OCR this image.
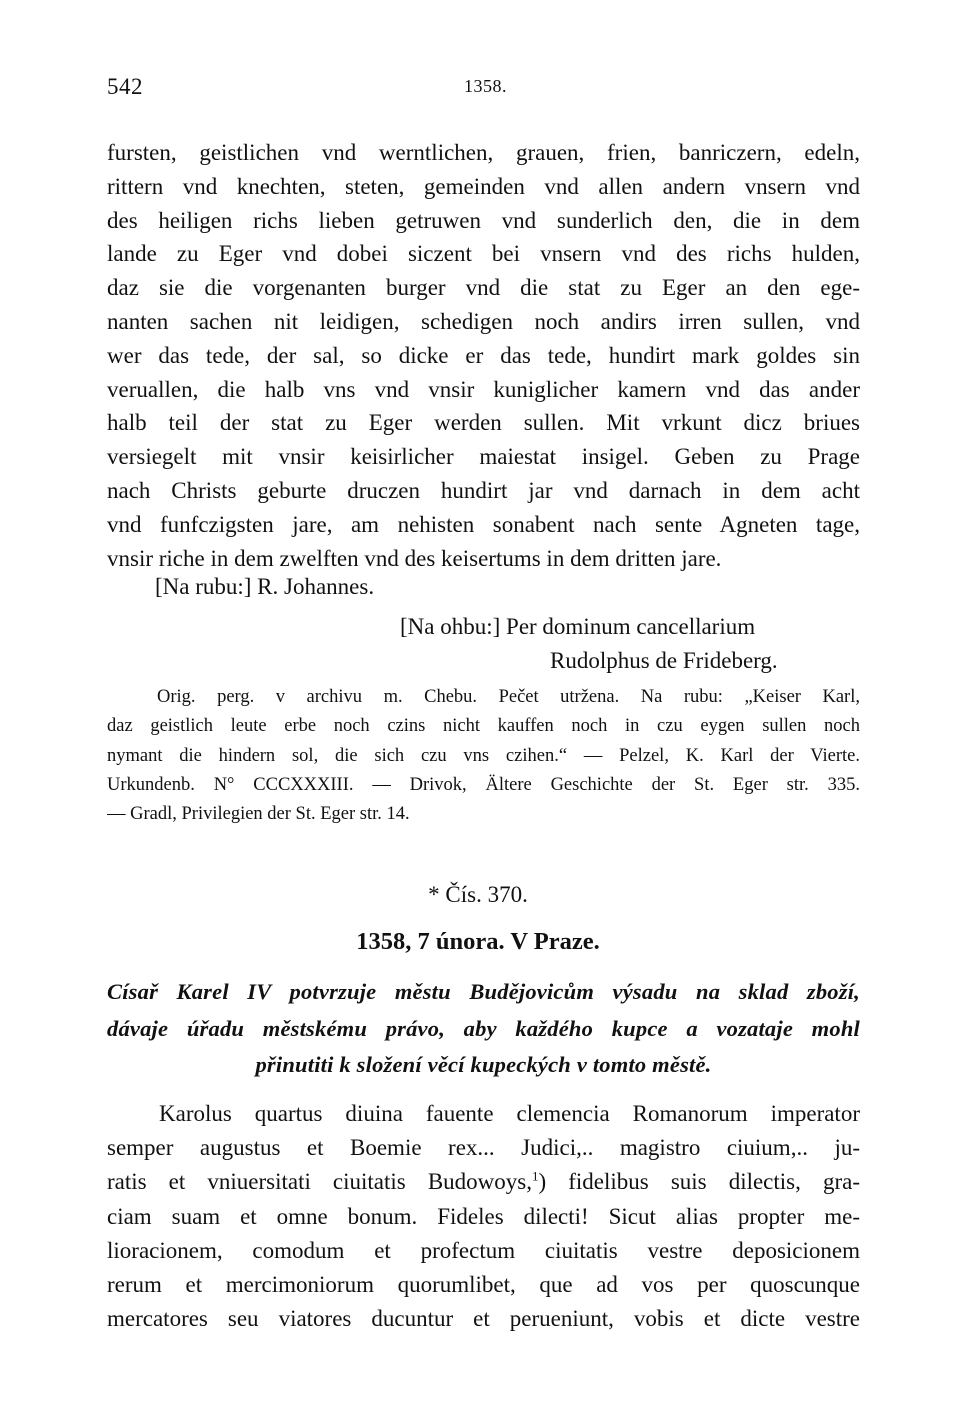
542	1358.
fursten, geistlichen vnd werntlichen, grauen, frien, banriczern, edeln,
rittern vnd knechten, steten, gemeinden vnd allen andern vnsern vnd
des heiligen richs lieben getruwen vnd sunderlich den, die in dem
lande zu Eger vnd dobei siczent bei vnsern vnd des richs hulden,
daz sie die vorgenanten burger vnd die stat zu Eger an den ege-
nanten sachen nit leidigen, schedigen noch andirs irren sullen, vnd
wer das tede, der sal, so dicke er das tede, hundirt mark goldes sin
veruallen, die halb vns vnd vnsir kuniglicher kamern vnd das ander
halb teil der stat zu Eger werden sullen. Mit vrkunt dicz briues
versiegelt mit vnsir keisirlicher maiestat insigel. Geben zu Prage
nach Christs geburte druczen hundirt jar vnd darnach in dem acht
vnd funfczigsten jare, am nehisten sonabent nach sente Agneten tage,
vnsir riche in dem zwelften vnd des keisertums in dem dritten jare.
[Na rubu:] R. Johannes.
[Na ohbu:] Per dominum cancellarium
Rudolphus de Frideberg.
Orig. perg. v archivu m. Chebu. Pečet utržena. Na rubu: „Keiser Karl,
daz geistlich leute erbe noch czins nicht kauffen noch in czu eygen sullen noch
nymant die hindern sol, die sich czu vns czihen.“ — Pelzel, K. Karl der Vierte.
Urkundenb. N° CCCXXXIII. — Drivok, Ältere Geschichte der St. Eger str. 335.
— Gradl, Privilegien der St. Eger str. 14.
* Čís. 370.
1358, 7 února. V Praze.
Císař Karel IV potvrzuje městu Budějovicům výsadu na sklad zboží,
dávaje úřadu městskému právo, aby každého kupce a vozataje mohl
přinutiti k složení věcí kupeckých v tomto městě.
Karolus quartus diuina fauente clemencia Romanorum imperator
semper augustus et Boemie rex... Judici,.. magistro ciuium,.. ju-
ratis et vniuersitati ciuitatis Budowoys,$^1$) fidelibus suis dilectis, gra-
ciam suam et omne bonum. Fideles dilecti! Sicut alias propter me-
lioracionem, comodum et profectum ciuitatis vestre deposicionem
rerum et mercimoniorum quorumlibet, que ad vos per quoscunque
mercatores seu viatores ducuntur et perueniunt, vobis et dicte vestre
